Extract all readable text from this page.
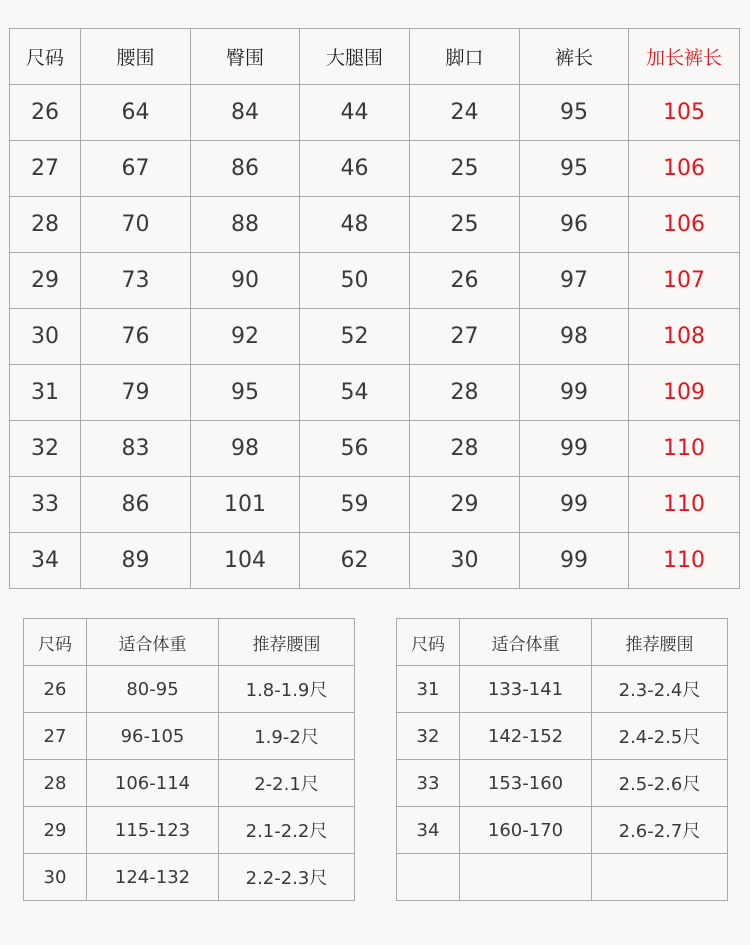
尺码	腰围	臀围	大腿围	脚口	裤长	加长裤长
26	64	84	44	24	95	105
27	67	86	46	25	95	106
28	70	88	48	25	96	106
29	73	90	50	26	97	107
30	76	92	52	27	98	108
31	79	95	54	28	99	109
32	83	98	56	28	99	110
33	86	101	59	29	99	110
34	89	104	62	30	99	110
尺码	适合体重	推荐腰围
26	80-95	1.8-1.9尺
27	96-105	1.9-2尺
28	106-114	2-2.1尺
29	115-123	2.1-2.2尺
30	124-132	2.2-2.3尺
尺码	适合体重	推荐腰围
31	133-141	2.3-2.4尺
32	142-152	2.4-2.5尺
33	153-160	2.5-2.6尺
34	160-170	2.6-2.7尺
